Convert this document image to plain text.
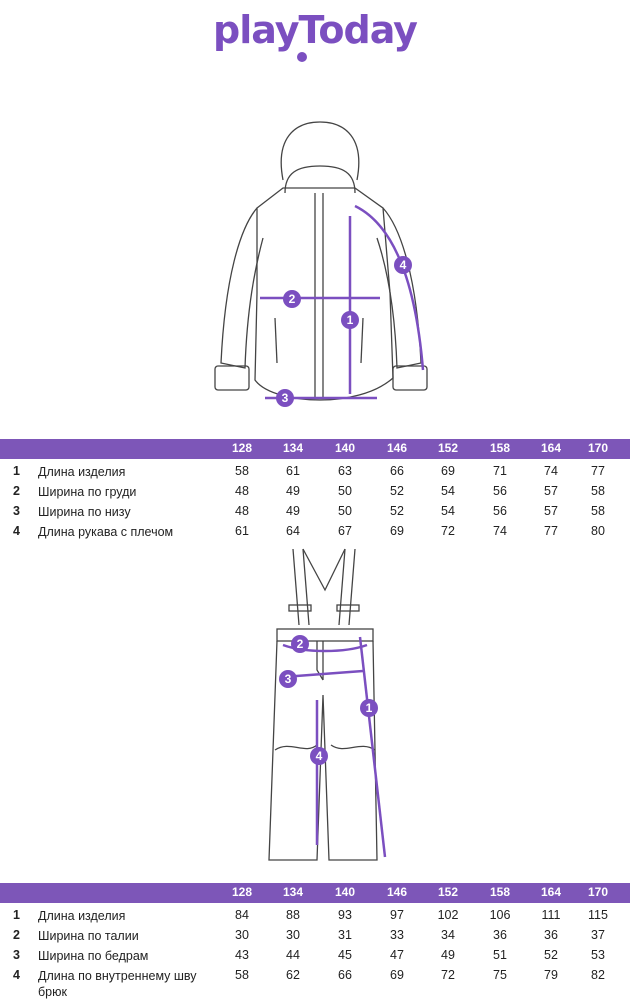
playToday
1
2
3
4
128	134	140	146	152	158	164	170
1 Длина изделия	58	61	63	66	69	71	74	77
2 Ширина по груди	48	49	50	52	54	56	57	58
3 Ширина по низу	48	49	50	52	54	56	57	58
4 Длина рукава с плечом	61	64	67	69	72	74	77	80
1
2
3
4
128	134	140	146	152	158	164	170
1 Длина изделия	84	88	93	97	102	106	111	115
2 Ширина по талии	30	30	31	33	34	36	36	37
3 Ширина по бедрам	43	44	45	47	49	51	52	53
4 Длина по внутреннему шву брюк
58	62	66	69	72	75	79	82
